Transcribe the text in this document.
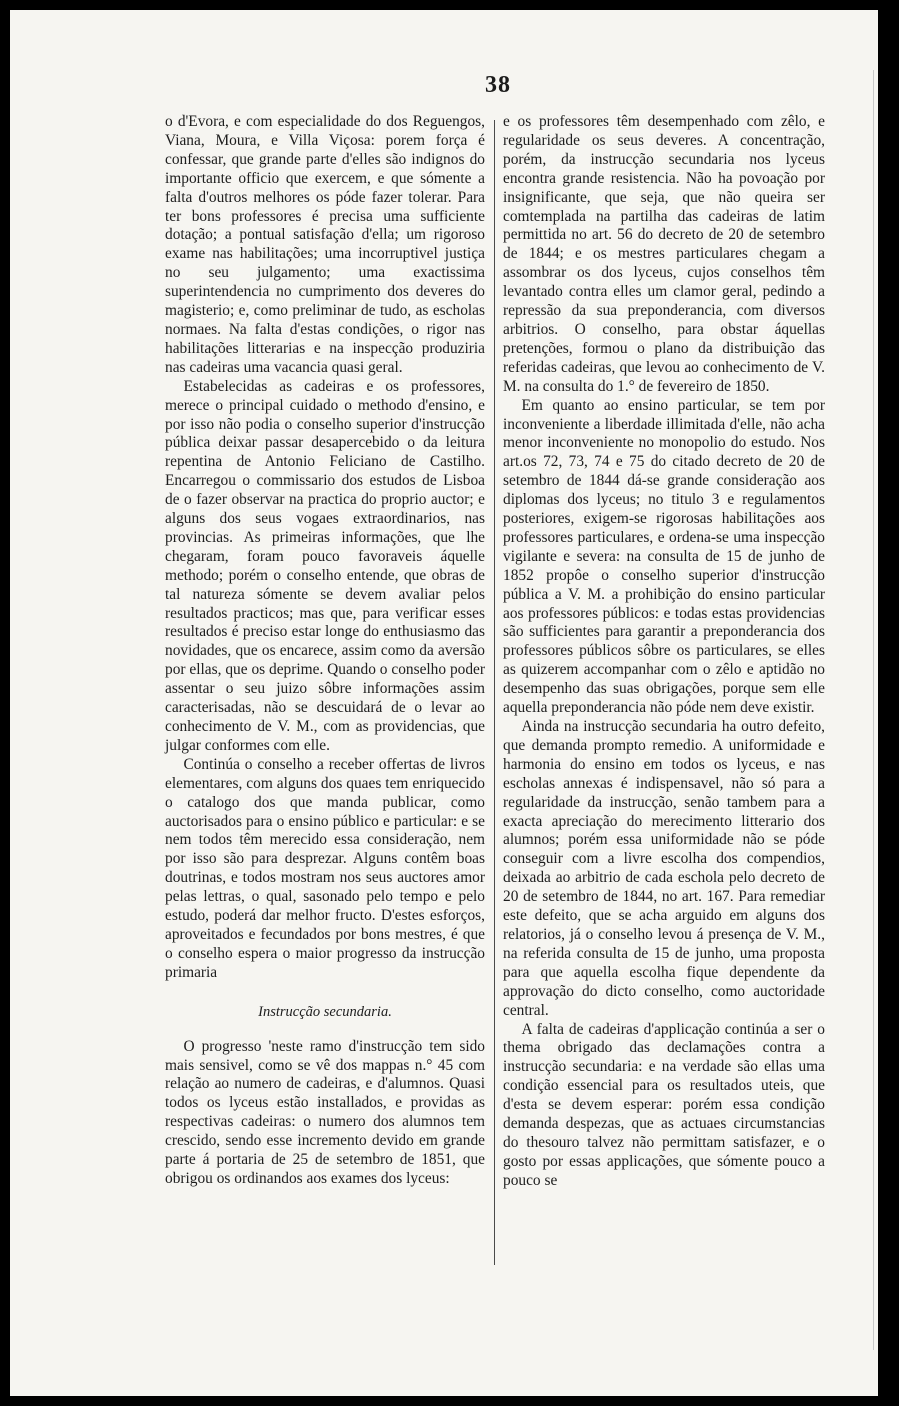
38

o d'Evora, e com especialidade do dos Reguengos, Viana, Moura, e Villa Viçosa: porem força é confessar, que grande parte d'elles são indignos do importante officio que exercem, e que sómente a falta d'outros melhores os póde fazer tolerar. Para ter bons professores é precisa uma sufficiente dotação; a pontual satisfação d'ella; um rigoroso exame nas habilitações; uma incorruptivel justiça no seu julgamento; uma exactissima superintendencia no cumprimento dos deveres do magisterio; e, como preliminar de tudo, as escholas normaes. Na falta d'estas condições, o rigor nas habilitações litterarias e na inspecção produziria nas cadeiras uma vacancia quasi geral.

Estabelecidas as cadeiras e os professores, merece o principal cuidado o methodo d'ensino, e por isso não podia o conselho superior d'instrucção pública deixar passar desapercebido o da leitura repentina de Antonio Feliciano de Castilho. Encarregou o commissario dos estudos de Lisboa de o fazer observar na practica do proprio auctor; e alguns dos seus vogaes extraordinarios, nas provincias. As primeiras informações, que lhe chegaram, foram pouco favoraveis áquelle methodo; porém o conselho entende, que obras de tal natureza sómente se devem avaliar pelos resultados practicos; mas que, para verificar esses resultados é preciso estar longe do enthusiasmo das novidades, que os encarece, assim como da aversão por ellas, que os deprime. Quando o conselho poder assentar o seu juizo sôbre informações assim caracterisadas, não se descuidará de o levar ao conhecimento de V. M., com as providencias, que julgar conformes com elle.

Continúa o conselho a receber offertas de livros elementares, com alguns dos quaes tem enriquecido o catalogo dos que manda publicar, como auctorisados para o ensino público e particular: e se nem todos têm merecido essa consideração, nem por isso são para desprezar. Alguns contêm boas doutrinas, e todos mostram nos seus auctores amor pelas lettras, o qual, sasonado pelo tempo e pelo estudo, poderá dar melhor fructo. D'estes esforços, aproveitados e fecundados por bons mestres, é que o conselho espera o maior progresso da instrucção primaria

Instrucção secundaria.

O progresso 'neste ramo d'instrucção tem sido mais sensivel, como se vê dos mappas n.° 45 com relação ao numero de cadeiras, e d'alumnos. Quasi todos os lyceus estão installados, e providas as respectivas cadeiras: o numero dos alumnos tem crescido, sendo esse incremento devido em grande parte á portaria de 25 de setembro de 1851, que obrigou os ordinandos aos exames dos lyceus:

e os professores têm desempenhado com zêlo, e regularidade os seus deveres. A concentração, porém, da instrucção secundaria nos lyceus encontra grande resistencia. Não ha povoação por insignificante, que seja, que não queira ser comtemplada na partilha das cadeiras de latim permittida no art. 56 do decreto de 20 de setembro de 1844; e os mestres particulares chegam a assombrar os dos lyceus, cujos conselhos têm levantado contra elles um clamor geral, pedindo a repressão da sua preponderancia, com diversos arbitrios. O conselho, para obstar áquellas pretenções, formou o plano da distribuição das referidas cadeiras, que levou ao conhecimento de V. M. na consulta do 1.° de fevereiro de 1850.

Em quanto ao ensino particular, se tem por inconveniente a liberdade illimitada d'elle, não acha menor inconveniente no monopolio do estudo. Nos art.os 72, 73, 74 e 75 do citado decreto de 20 de setembro de 1844 dá-se grande consideração aos diplomas dos lyceus; no titulo 3 e regulamentos posteriores, exigem-se rigorosas habilitações aos professores particulares, e ordena-se uma inspecção vigilante e severa: na consulta de 15 de junho de 1852 propôe o conselho superior d'instrucção pública a V. M. a prohibição do ensino particular aos professores públicos: e todas estas providencias são sufficientes para garantir a preponderancia dos professores públicos sôbre os particulares, se elles as quizerem accompanhar com o zêlo e aptidão no desempenho das suas obrigações, porque sem elle aquella preponderancia não póde nem deve existir.

Ainda na instrucção secundaria ha outro defeito, que demanda prompto remedio. A uniformidade e harmonia do ensino em todos os lyceus, e nas escholas annexas é indispensavel, não só para a regularidade da instrucção, senão tambem para a exacta apreciação do merecimento litterario dos alumnos; porém essa uniformidade não se póde conseguir com a livre escolha dos compendios, deixada ao arbitrio de cada eschola pelo decreto de 20 de setembro de 1844, no art. 167. Para remediar este defeito, que se acha arguido em alguns dos relatorios, já o conselho levou á presença de V. M., na referida consulta de 15 de junho, uma proposta para que aquella escolha fique dependente da approvação do dicto conselho, como auctoridade central.

A falta de cadeiras d'applicação continúa a ser o thema obrigado das declamações contra a instrucção secundaria: e na verdade são ellas uma condição essencial para os resultados uteis, que d'esta se devem esperar: porém essa condição demanda despezas, que as actuaes circumstancias do thesouro talvez não permittam satisfazer, e o gosto por essas applicações, que sómente pouco a pouco se
